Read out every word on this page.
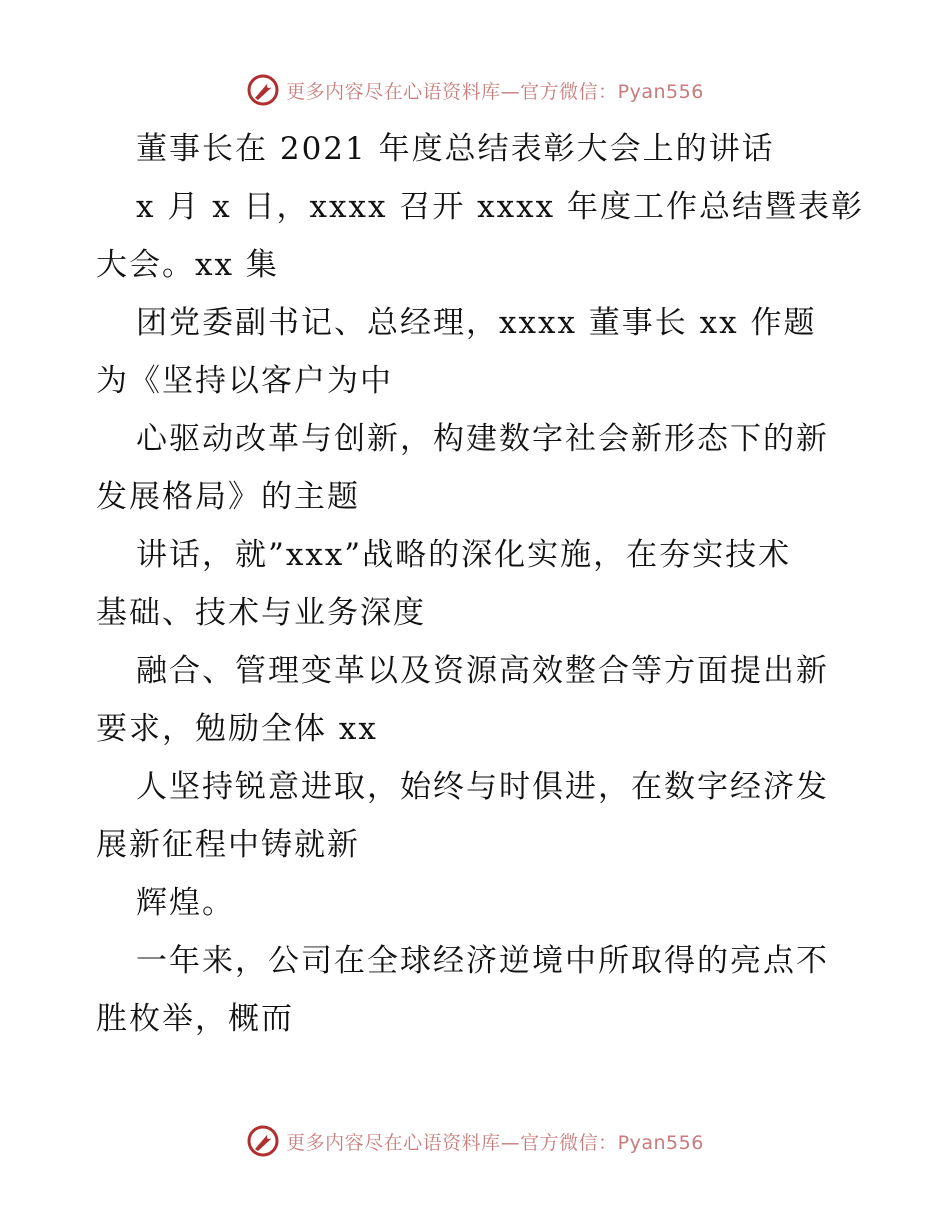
更多内容尽在心语资料库—官方微信：Pyan556
董事长在 2021 年度总结表彰大会上的讲话
x 月 x 日，xxxx 召开 xxxx 年度工作总结暨表彰
大会。xx 集
团党委副书记、总经理，xxxx 董事长 xx 作题
为《坚持以客户为中
心驱动改革与创新，构建数字社会新形态下的新
发展格局》的主题
讲话，就”xxx”战略的深化实施，在夯实技术
基础、技术与业务深度
融合、管理变革以及资源高效整合等方面提出新
要求，勉励全体 xx
人坚持锐意进取，始终与时俱进，在数字经济发
展新征程中铸就新
辉煌。
一年来，公司在全球经济逆境中所取得的亮点不
胜枚举，概而
更多内容尽在心语资料库—官方微信：Pyan556
